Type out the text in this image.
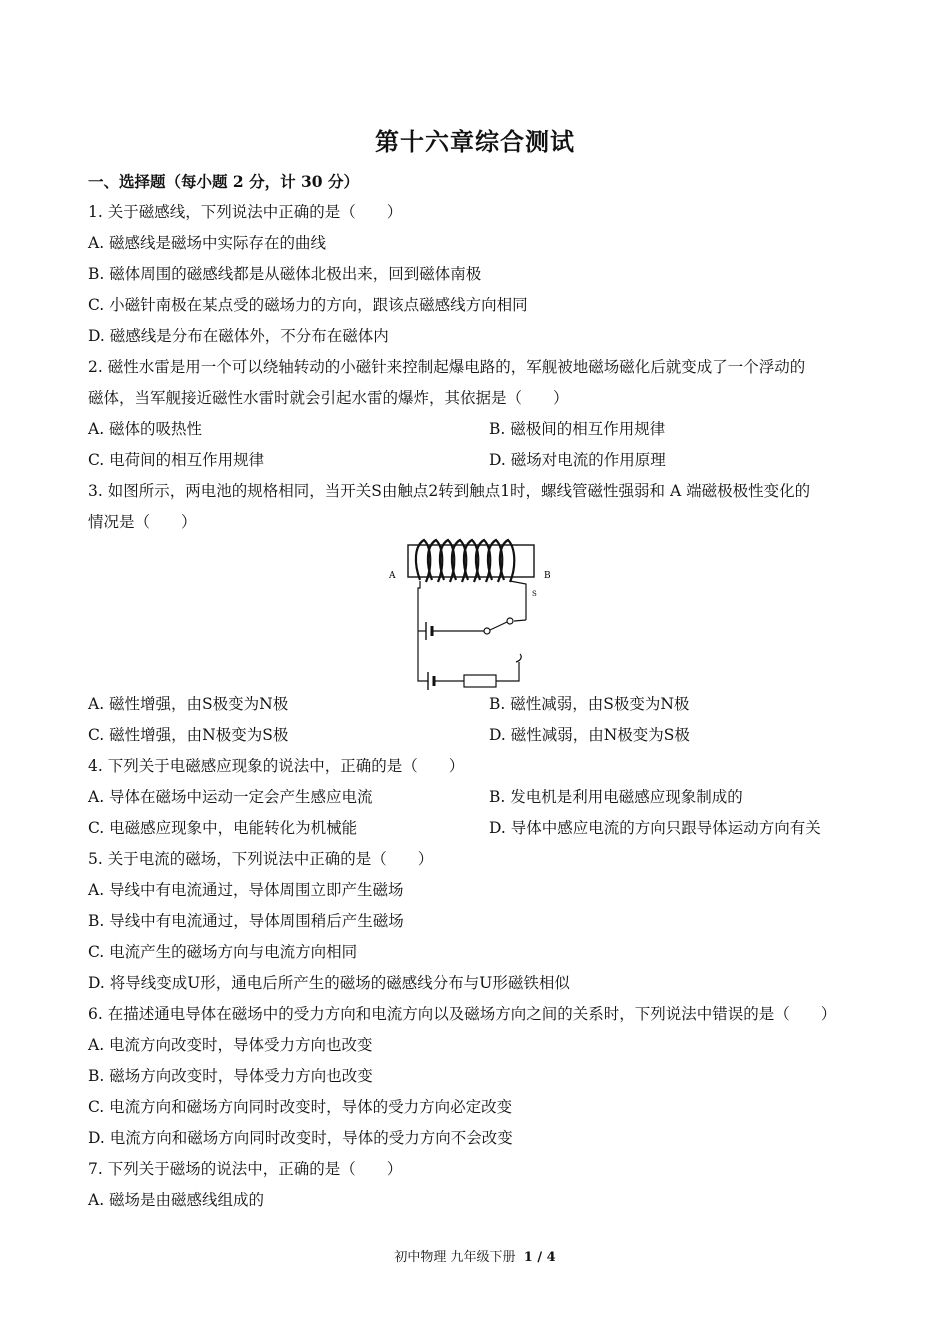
第十六章综合测试
一、选择题（每小题 2 分，计 30 分）
1. 关于磁感线，下列说法中正确的是（　　）
A. 磁感线是磁场中实际存在的曲线
B. 磁体周围的磁感线都是从磁体北极出来，回到磁体南极
C. 小磁针南极在某点受的磁场力的方向，跟该点磁感线方向相同
D. 磁感线是分布在磁体外，不分布在磁体内
2. 磁性水雷是用一个可以绕轴转动的小磁针来控制起爆电路的，军舰被地磁场磁化后就变成了一个浮动的
磁体，当军舰接近磁性水雷时就会引起水雷的爆炸，其依据是（　　）
A. 磁体的吸热性	B. 磁极间的相互作用规律
C. 电荷间的相互作用规律	D. 磁场对电流的作用原理
3. 如图所示，两电池的规格相同，当开关S由触点2转到触点1时，螺线管磁性强弱和 A 端磁极极性变化的
情况是（　　）
A	B
S
A. 磁性增强，由S极变为N极	B. 磁性减弱，由S极变为N极
C. 磁性增强，由N极变为S极	D. 磁性减弱，由N极变为S极
4. 下列关于电磁感应现象的说法中，正确的是（　　）
A. 导体在磁场中运动一定会产生感应电流	B. 发电机是利用电磁感应现象制成的
C. 电磁感应现象中，电能转化为机械能	D. 导体中感应电流的方向只跟导体运动方向有关
5. 关于电流的磁场，下列说法中正确的是（　　）
A. 导线中有电流通过，导体周围立即产生磁场
B. 导线中有电流通过，导体周围稍后产生磁场
C. 电流产生的磁场方向与电流方向相同
D. 将导线变成U形，通电后所产生的磁场的磁感线分布与U形磁铁相似
6. 在描述通电导体在磁场中的受力方向和电流方向以及磁场方向之间的关系时，下列说法中错误的是（　　）
A. 电流方向改变时，导体受力方向也改变
B. 磁场方向改变时，导体受力方向也改变
C. 电流方向和磁场方向同时改变时，导体的受力方向必定改变
D. 电流方向和磁场方向同时改变时，导体的受力方向不会改变
7. 下列关于磁场的说法中，正确的是（　　）
A. 磁场是由磁感线组成的
初中物理 九年级下册 1 / 4
